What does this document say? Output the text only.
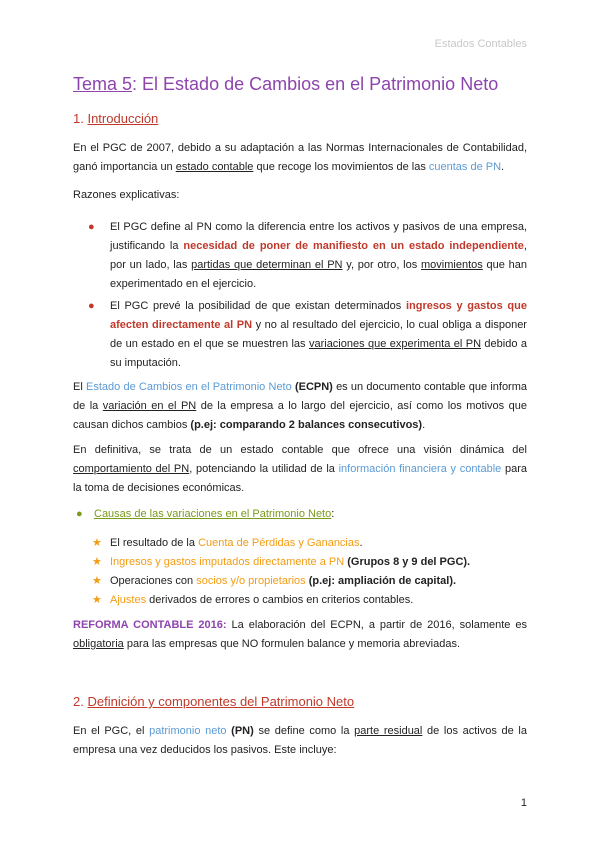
Estados Contables
Tema 5: El Estado de Cambios en el Patrimonio Neto
1. Introducción
En el PGC de 2007, debido a su adaptación a las Normas Internacionales de Contabilidad, ganó importancia un estado contable que recoge los movimientos de las cuentas de PN.
Razones explicativas:
● El PGC define al PN como la diferencia entre los activos y pasivos de una empresa, justificando la necesidad de poner de manifiesto en un estado independiente, por un lado, las partidas que determinan el PN y, por otro, los movimientos que han experimentado en el ejercicio.
● El PGC prevé la posibilidad de que existan determinados ingresos y gastos que afecten directamente al PN y no al resultado del ejercicio, lo cual obliga a disponer de un estado en el que se muestren las variaciones que experimenta el PN debido a su imputación.
El Estado de Cambios en el Patrimonio Neto (ECPN) es un documento contable que informa de la variación en el PN de la empresa a lo largo del ejercicio, así como los motivos que causan dichos cambios (p.ej: comparando 2 balances consecutivos).
En definitiva, se trata de un estado contable que ofrece una visión dinámica del comportamiento del PN, potenciando la utilidad de la información financiera y contable para la toma de decisiones económicas.
● Causas de las variaciones en el Patrimonio Neto:
★ El resultado de la Cuenta de Pérdidas y Ganancias.
★ Ingresos y gastos imputados directamente a PN (Grupos 8 y 9 del PGC).
★ Operaciones con socios y/o propietarios (p.ej: ampliación de capital).
★ Ajustes derivados de errores o cambios en criterios contables.
REFORMA CONTABLE 2016: La elaboración del ECPN, a partir de 2016, solamente es obligatoria para las empresas que NO formulen balance y memoria abreviadas.
2. Definición y componentes del Patrimonio Neto
En el PGC, el patrimonio neto (PN) se define como la parte residual de los activos de la empresa una vez deducidos los pasivos. Este incluye:
1
